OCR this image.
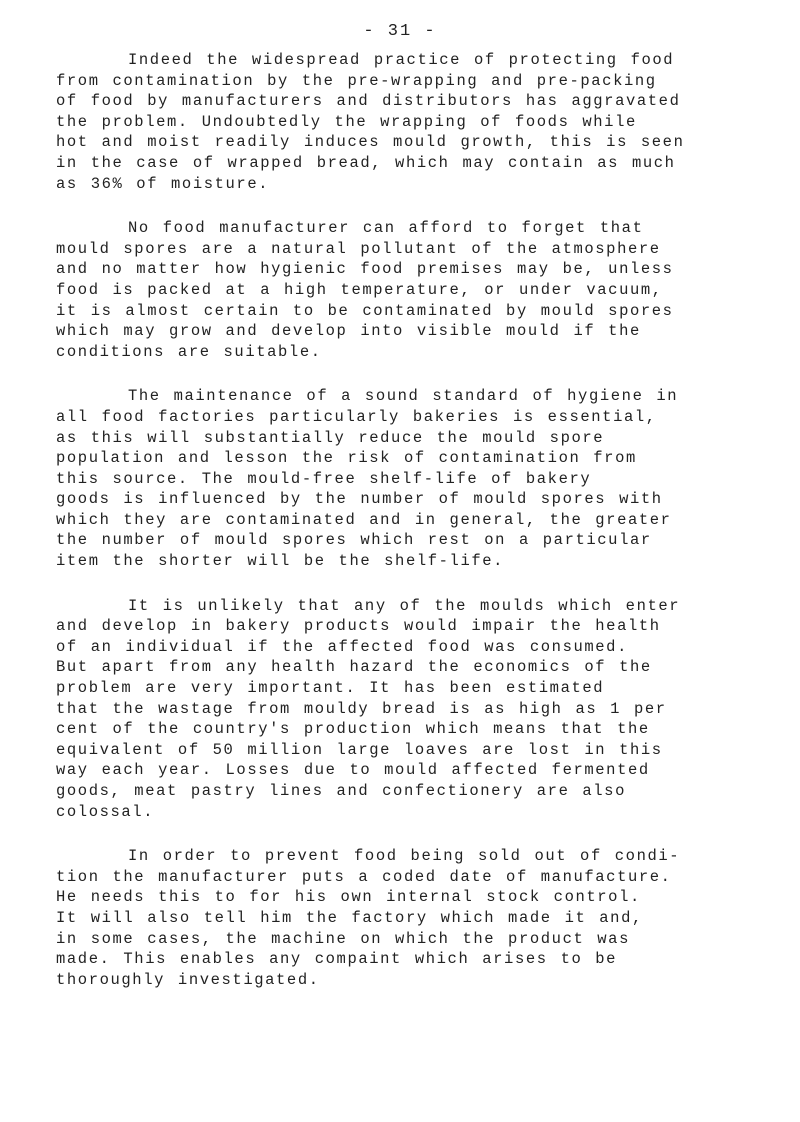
- 31 -

Indeed the widespread practice of protecting food
from contamination by the pre-wrapping and pre-packing
of food by manufacturers and distributors has aggravated
the problem. Undoubtedly the wrapping of foods while
hot and moist readily induces mould growth, this is seen
in the case of wrapped bread, which may contain as much
as 36% of moisture.

No food manufacturer can afford to forget that
mould spores are a natural pollutant of the atmosphere
and no matter how hygienic food premises may be, unless
food is packed at a high temperature, or under vacuum,
it is almost certain to be contaminated by mould spores
which may grow and develop into visible mould if the
conditions are suitable.

The maintenance of a sound standard of hygiene in
all food factories particularly bakeries is essential,
as this will substantially reduce the mould spore
population and lesson the risk of contamination from
this source. The mould-free shelf-life of bakery
goods is influenced by the number of mould spores with
which they are contaminated and in general, the greater
the number of mould spores which rest on a particular
item the shorter will be the shelf-life.

It is unlikely that any of the moulds which enter
and develop in bakery products would impair the health
of an individual if the affected food was consumed.
But apart from any health hazard the economics of the
problem are very important. It has been estimated
that the wastage from mouldy bread is as high as 1 per
cent of the country's production which means that the
equivalent of 50 million large loaves are lost in this
way each year. Losses due to mould affected fermented
goods, meat pastry lines and confectionery are also
colossal.

In order to prevent food being sold out of condi-
tion the manufacturer puts a coded date of manufacture.
He needs this to for his own internal stock control.
It will also tell him the factory which made it and,
in some cases, the machine on which the product was
made. This enables any compaint which arises to be
thoroughly investigated.
